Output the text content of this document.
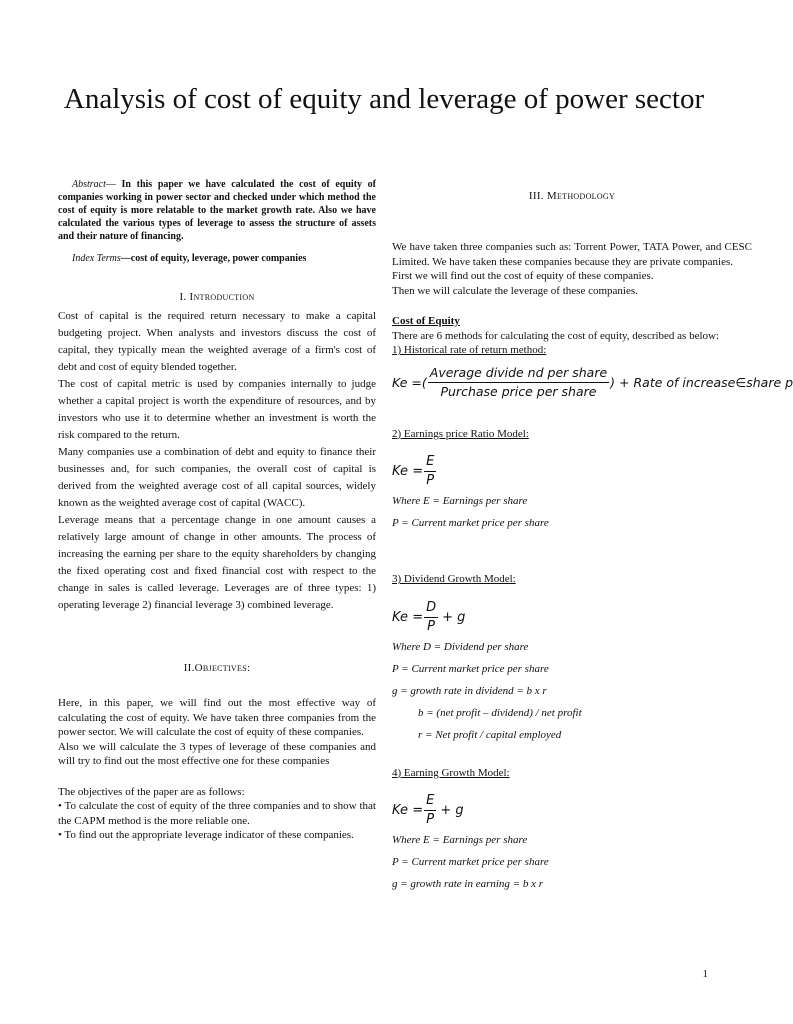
Analysis of cost of equity and leverage of power sector

Abstract— In this paper we have calculated the cost of equity of companies working in power sector and checked under which method the cost of equity is more relatable to the market growth rate. Also we have calculated the various types of leverage to assess the structure of assets and their nature of financing.

Index Terms—cost of equity, leverage, power companies

I. Introduction

Cost of capital is the required return necessary to make a capital budgeting project. When analysts and investors discuss the cost of capital, they typically mean the weighted average of a firm's cost of debt and cost of equity blended together.

The cost of capital metric is used by companies internally to judge whether a capital project is worth the expenditure of resources, and by investors who use it to determine whether an investment is worth the risk compared to the return.

Many companies use a combination of debt and equity to finance their businesses and, for such companies, the overall cost of capital is derived from the weighted average cost of all capital sources, widely known as the weighted average cost of capital (WACC).

Leverage means that a percentage change in one amount causes a relatively large amount of change in other amounts. The process of increasing the earning per share to the equity shareholders by changing the fixed operating cost and fixed financial cost with respect to the change in sales is called leverage. Leverages are of three types: 1) operating leverage 2) financial leverage 3) combined leverage.

II.Objectives:

Here, in this paper, we will find out the most effective way of calculating the cost of equity. We have taken three companies from the power sector. We will calculate the cost of equity of these companies.

Also we will calculate the 3 types of leverage of these companies and will try to find out the most effective one for these companies

The objectives of the paper are as follows:

• To calculate the cost of equity of the three companies and to show that the CAPM method is the more reliable one.

• To find out the appropriate leverage indicator of these companies.

III. Methodology

We have taken three companies such as: Torrent Power, TATA Power, and CESC Limited. We have taken these companies because they are private companies.

First we will find out the cost of equity of these companies.

Then we will calculate the leverage of these companies.

Cost of Equity

There are 6 methods for calculating the cost of equity, described as below:

1) Historical rate of return method:

Ke =( $\frac{\text{Average divide nd per share}}{\text{Purchase price per share}}$ ) + Rate of increase∈share p

2) Earnings price Ratio Model:

$Ke = \frac{E}{P}$

Where E = Earnings per share

P = Current market price per share

3) Dividend Growth Model:

$Ke = \frac{D}{P} + g$

Where D = Dividend per share

P = Current market price per share

g = growth rate in dividend = b x r

b = (net profit – dividend) / net profit

r = Net profit / capital employed

4) Earning Growth Model:

$Ke = \frac{E}{P} + g$

Where E = Earnings per share

P = Current market price per share

g = growth rate in earning = b x r

1
